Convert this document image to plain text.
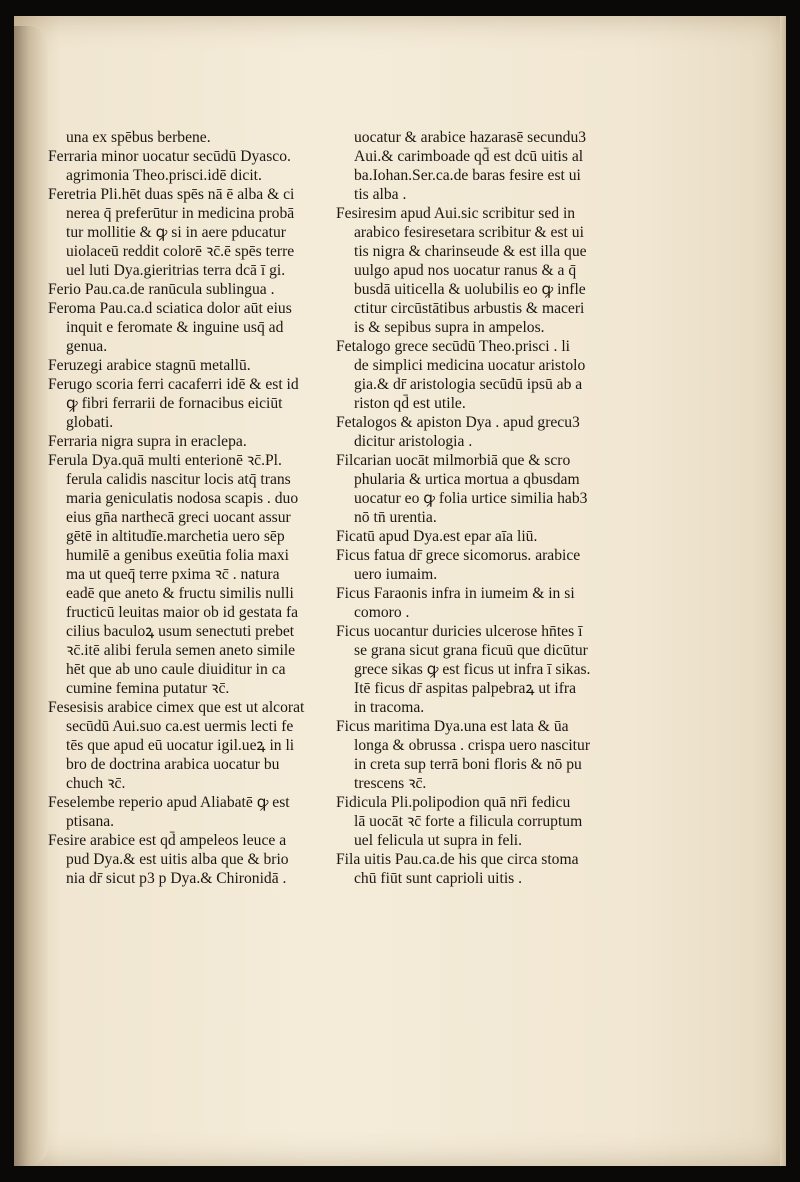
una ex spēbus berbene.
Ferraria minor uocatur secūdū Dyasco.
agrimonia Theo.prisci.idē dicit.
Feretria Pli.hēt duas spēs nā ē alba & ci
nerea q̄ preferūtur in medicina probā
tur mollitie & ꝙ si in aere pducatur
uiolaceū reddit colorē ꝛc̄.ē spēs terre
uel luti Dya.gieritrias terra dcā ī gi.
Ferio Pau.ca.de ranūcula sublingua .
Feroma Pau.ca.d sciatica dolor aūt eius
inquit e feromate & inguine usq̄ ad
genua.
Feruzegi arabice stagnū metallū.
Ferugo scoria ferri cacaferri idē & est id
ꝙ fibri ferrarii de fornacibus eiciūt
globati.
Ferraria nigra supra in eraclepa.
Ferula Dya.quā multi enterionē ꝛc̄.Pl.
ferula calidis nascitur locis atq̄ trans
maria geniculatis nodosa scapis . duo
eius gn̄a narthecā greci uocant assur
gētē in altitudīe.marchetia uero sēp
humilē a genibus exeūtia folia maxi
ma ut queq̄ terre pxima ꝛc̄ . natura
eadē que aneto & fructu similis nulli
fructicū leuitas maior ob id gestata fa
cilius baculoꝝ usum senectuti prebet
ꝛc̄.itē alibi ferula semen aneto simile
hēt que ab uno caule diuiditur in ca
cumine femina putatur ꝛc̄.
Fesesisis arabice cimex que est ut alcorat
secūdū Aui.suo ca.est uermis lecti fe
tēs que apud eū uocatur igil.ueꝝ in li
bro de doctrina arabica uocatur bu
chuch ꝛc̄.
Feselembe reperio apud Aliabatē ꝙ est
ptisana.
Fesire arabice est qd̄ ampeleos leuce a
pud Dya.& est uitis alba que & brio
nia dr̄ sicut p3 p Dya.& Chironidā .
uocatur & arabice hazarasē secundu3
Aui.& carimboade qd̄ est dcū uitis al
ba.Iohan.Ser.ca.de baras fesire est ui
tis alba .
Fesiresim apud Aui.sic scribitur sed in
arabico fesiresetara scribitur & est ui
tis nigra & charinseude & est illa que
uulgo apud nos uocatur ranus & a q̄
busdā uiticella & uolubilis eo ꝙ infle
ctitur circūstātibus arbustis & maceri
is & sepibus supra in ampelos.
Fetalogo grece secūdū Theo.prisci . li
de simplici medicina uocatur aristolo
gia.& dr̄ aristologia secūdū ipsū ab a
riston qd̄ est utile.
Fetalogos & apiston Dya . apud grecu3
dicitur aristologia .
Filcarian uocāt milmorbiā que & scro
phularia & urtica mortua a qbusdam
uocatur eo ꝙ folia urtice similia hab3
nō tn̄ urentia.
Ficatū apud Dya.est epar aīa liū.
Ficus fatua dr̄ grece sicomorus. arabice
uero iumaim.
Ficus Faraonis infra in iumeim & in si
comoro .
Ficus uocantur duricies ulcerose hn̄tes ī
se grana sicut grana ficuū que dicūtur
grece sikas ꝙ est ficus ut infra ī sikas.
Itē ficus dr̄ aspitas palpebraꝝ ut ifra
in tracoma.
Ficus maritima Dya.una est lata & ūa
longa & obrussa . crispa uero nascitur
in creta sup terrā boni floris & nō pu
trescens ꝛc̄.
Fidicula Pli.polipodion quā nr̄i fedicu
lā uocāt ꝛc̄ forte a filicula corruptum
uel felicula ut supra in feli.
Fila uitis Pau.ca.de his que circa stoma
chū fiūt sunt caprioli uitis .
